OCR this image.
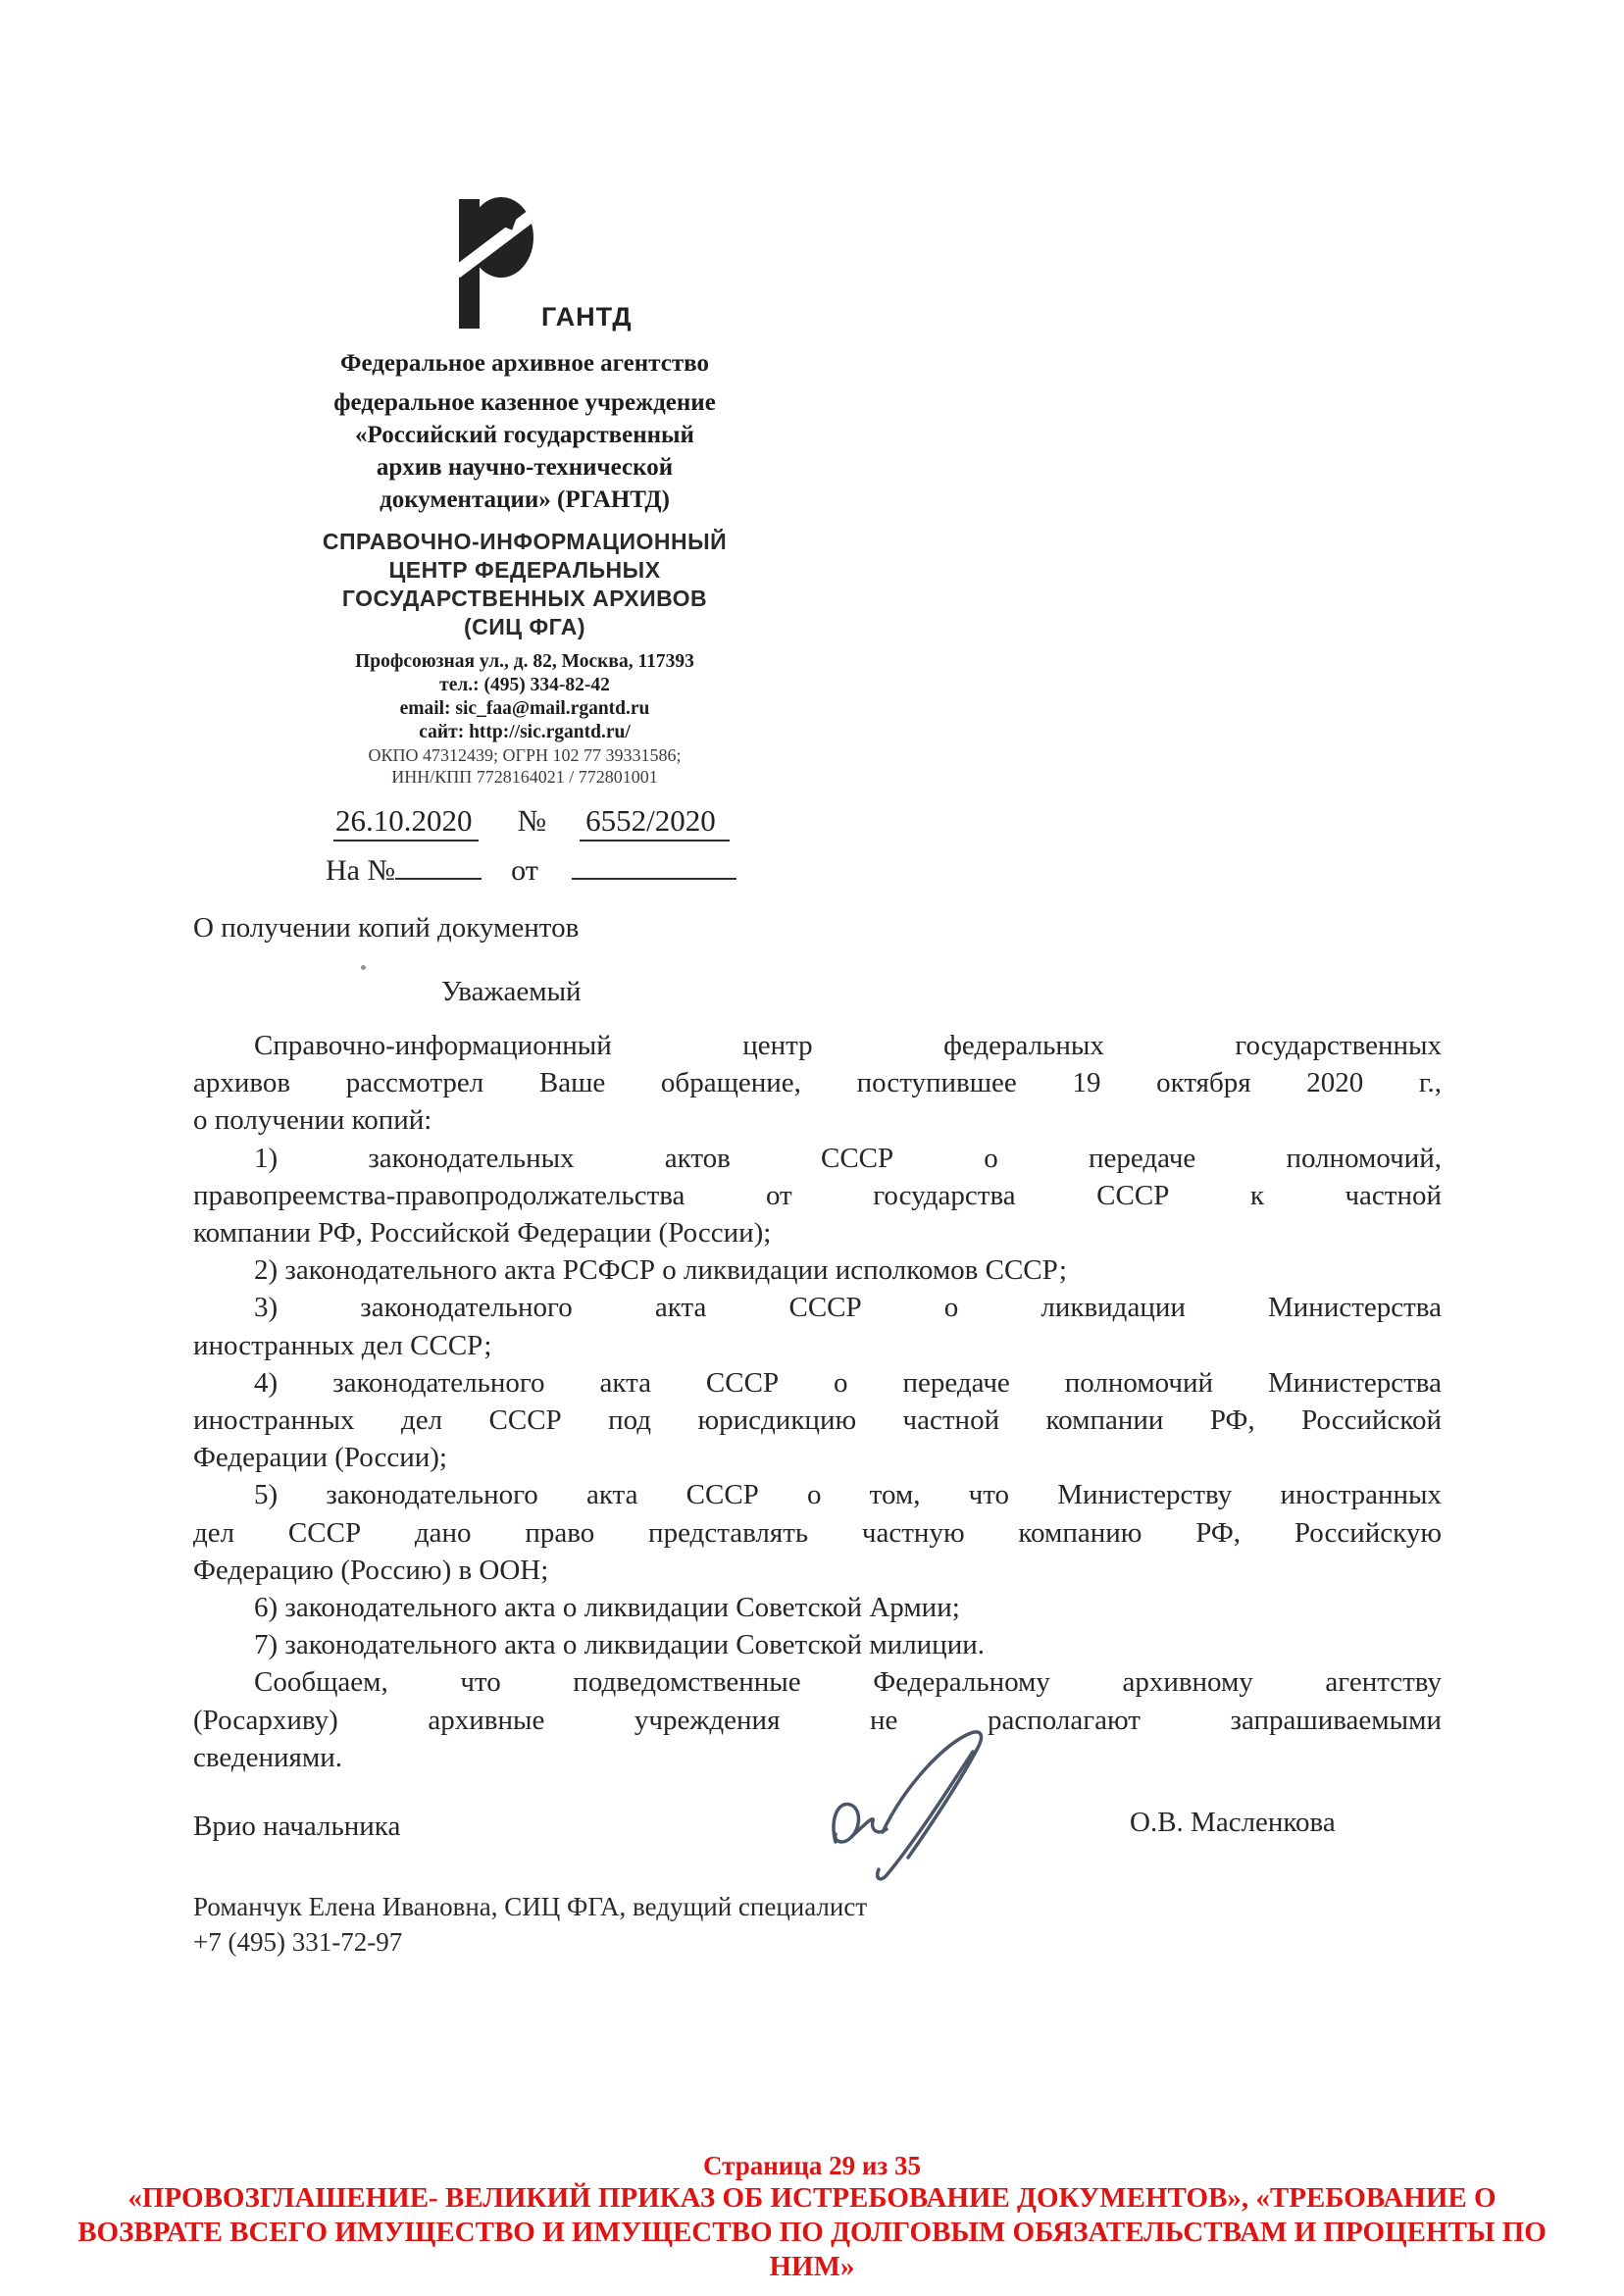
ГАНТД
Федеральное архивное агентство
федеральное казенное учреждение
«Российский государственный
архив научно-технической
документации» (РГАНТД)
СПРАВОЧНО-ИНФОРМАЦИОННЫЙ
ЦЕНТР ФЕДЕРАЛЬНЫХ
ГОСУДАРСТВЕННЫХ АРХИВОВ
(СИЦ ФГА)
Профсоюзная ул., д. 82, Москва, 117393
тел.: (495) 334-82-42
email: sic_faa@mail.rgantd.ru
сайт: http://sic.rgantd.ru/
ОКПО 47312439; ОГРН 102 77 39331586;
ИНН/КПП 7728164021 / 772801001
26.10.2020 № 6552/2020
На №	от
О получении копий документов
Уважаемый
Справочно-информационный центр федеральных государственных
архивов рассмотрел Ваше обращение, поступившее 19 октября 2020 г.,
о получении копий:
1) законодательных актов СССР о передаче полномочий,
правопреемства-правопродолжательства от государства СССР к частной
компании РФ, Российской Федерации (России);
2) законодательного акта РСФСР о ликвидации исполкомов СССР;
3) законодательного акта СССР о ликвидации Министерства
иностранных дел СССР;
4) законодательного акта СССР о передаче полномочий Министерства
иностранных дел СССР под юрисдикцию частной компании РФ, Российской
Федерации (России);
5) законодательного акта СССР о том, что Министерству иностранных
дел СССР дано право представлять частную компанию РФ, Российскую
Федерацию (Россию) в ООН;
6) законодательного акта о ликвидации Советской Армии;
7) законодательного акта о ликвидации Советской милиции.
Сообщаем, что подведомственные Федеральному архивному агентству
(Росархиву) архивные учреждения не располагают запрашиваемыми
сведениями.
Врио начальника	О.В. Масленкова
Романчук Елена Ивановна, СИЦ ФГА, ведущий специалист
+7 (495) 331-72-97
Страница 29 из 35
«ПРОВОЗГЛАШЕНИЕ- ВЕЛИКИЙ ПРИКАЗ ОБ ИСТРЕБОВАНИЕ ДОКУМЕНТОВ», «ТРЕБОВАНИЕ О
ВОЗВРАТЕ ВСЕГО ИМУЩЕСТВО И ИМУЩЕСТВО ПО ДОЛГОВЫМ ОБЯЗАТЕЛЬСТВАМ И ПРОЦЕНТЫ ПО
НИМ»
